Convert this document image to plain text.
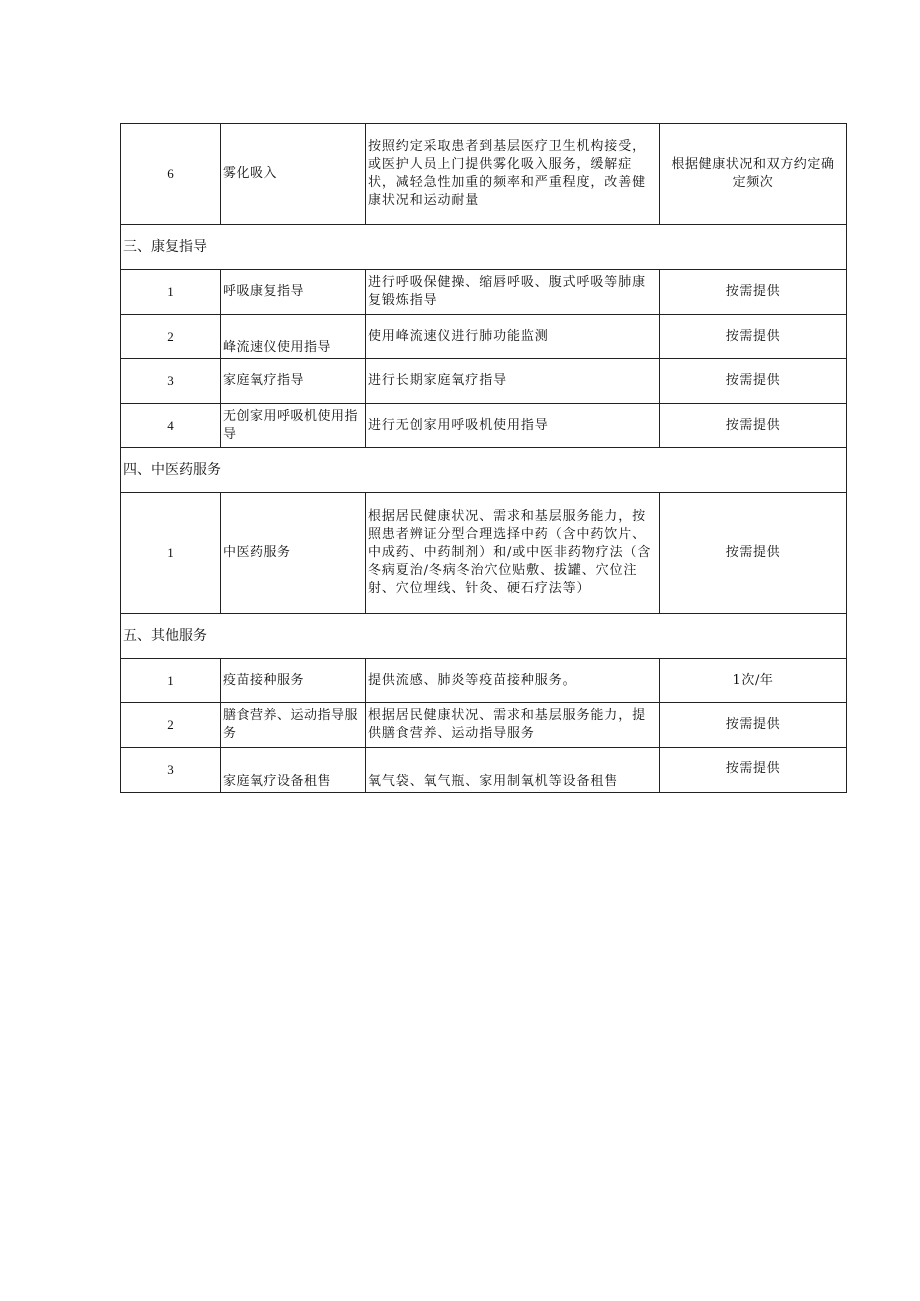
6	雾化吸入	按照约定采取患者到基层医疗卫生机构接受，或医护人员上门提供雾化吸入服务，缓解症状，减轻急性加重的频率和严重程度，改善健康状况和运动耐量	根据健康状况和双方约定确定频次
三、康复指导			
1	呼吸康复指导	进行呼吸保健操、缩唇呼吸、腹式呼吸等肺康复锻炼指导	按需提供
2	峰流速仪使用指导	使用峰流速仪进行肺功能监测	按需提供
3	家庭氧疗指导	进行长期家庭氧疗指导	按需提供
4	无创家用呼吸机使用指导	进行无创家用呼吸机使用指导	按需提供
四、中医药服务			
1	中医药服务	根据居民健康状况、需求和基层服务能力，按照患者辨证分型合理选择中药（含中药饮片、中成药、中药制剂）和/或中医非药物疗法（含冬病夏治/冬病冬治穴位贴敷、拔罐、穴位注射、穴位埋线、针灸、硬石疗法等）	按需提供
五、其他服务			
1	疫苗接种服务	提供流感、肺炎等疫苗接种服务。	1次/年
2	膳食营养、运动指导服务	根据居民健康状况、需求和基层服务能力，提供膳食营养、运动指导服务	按需提供
3	家庭氧疗设备租售	氧气袋、氧气瓶、家用制氧机等设备租售	按需提供
